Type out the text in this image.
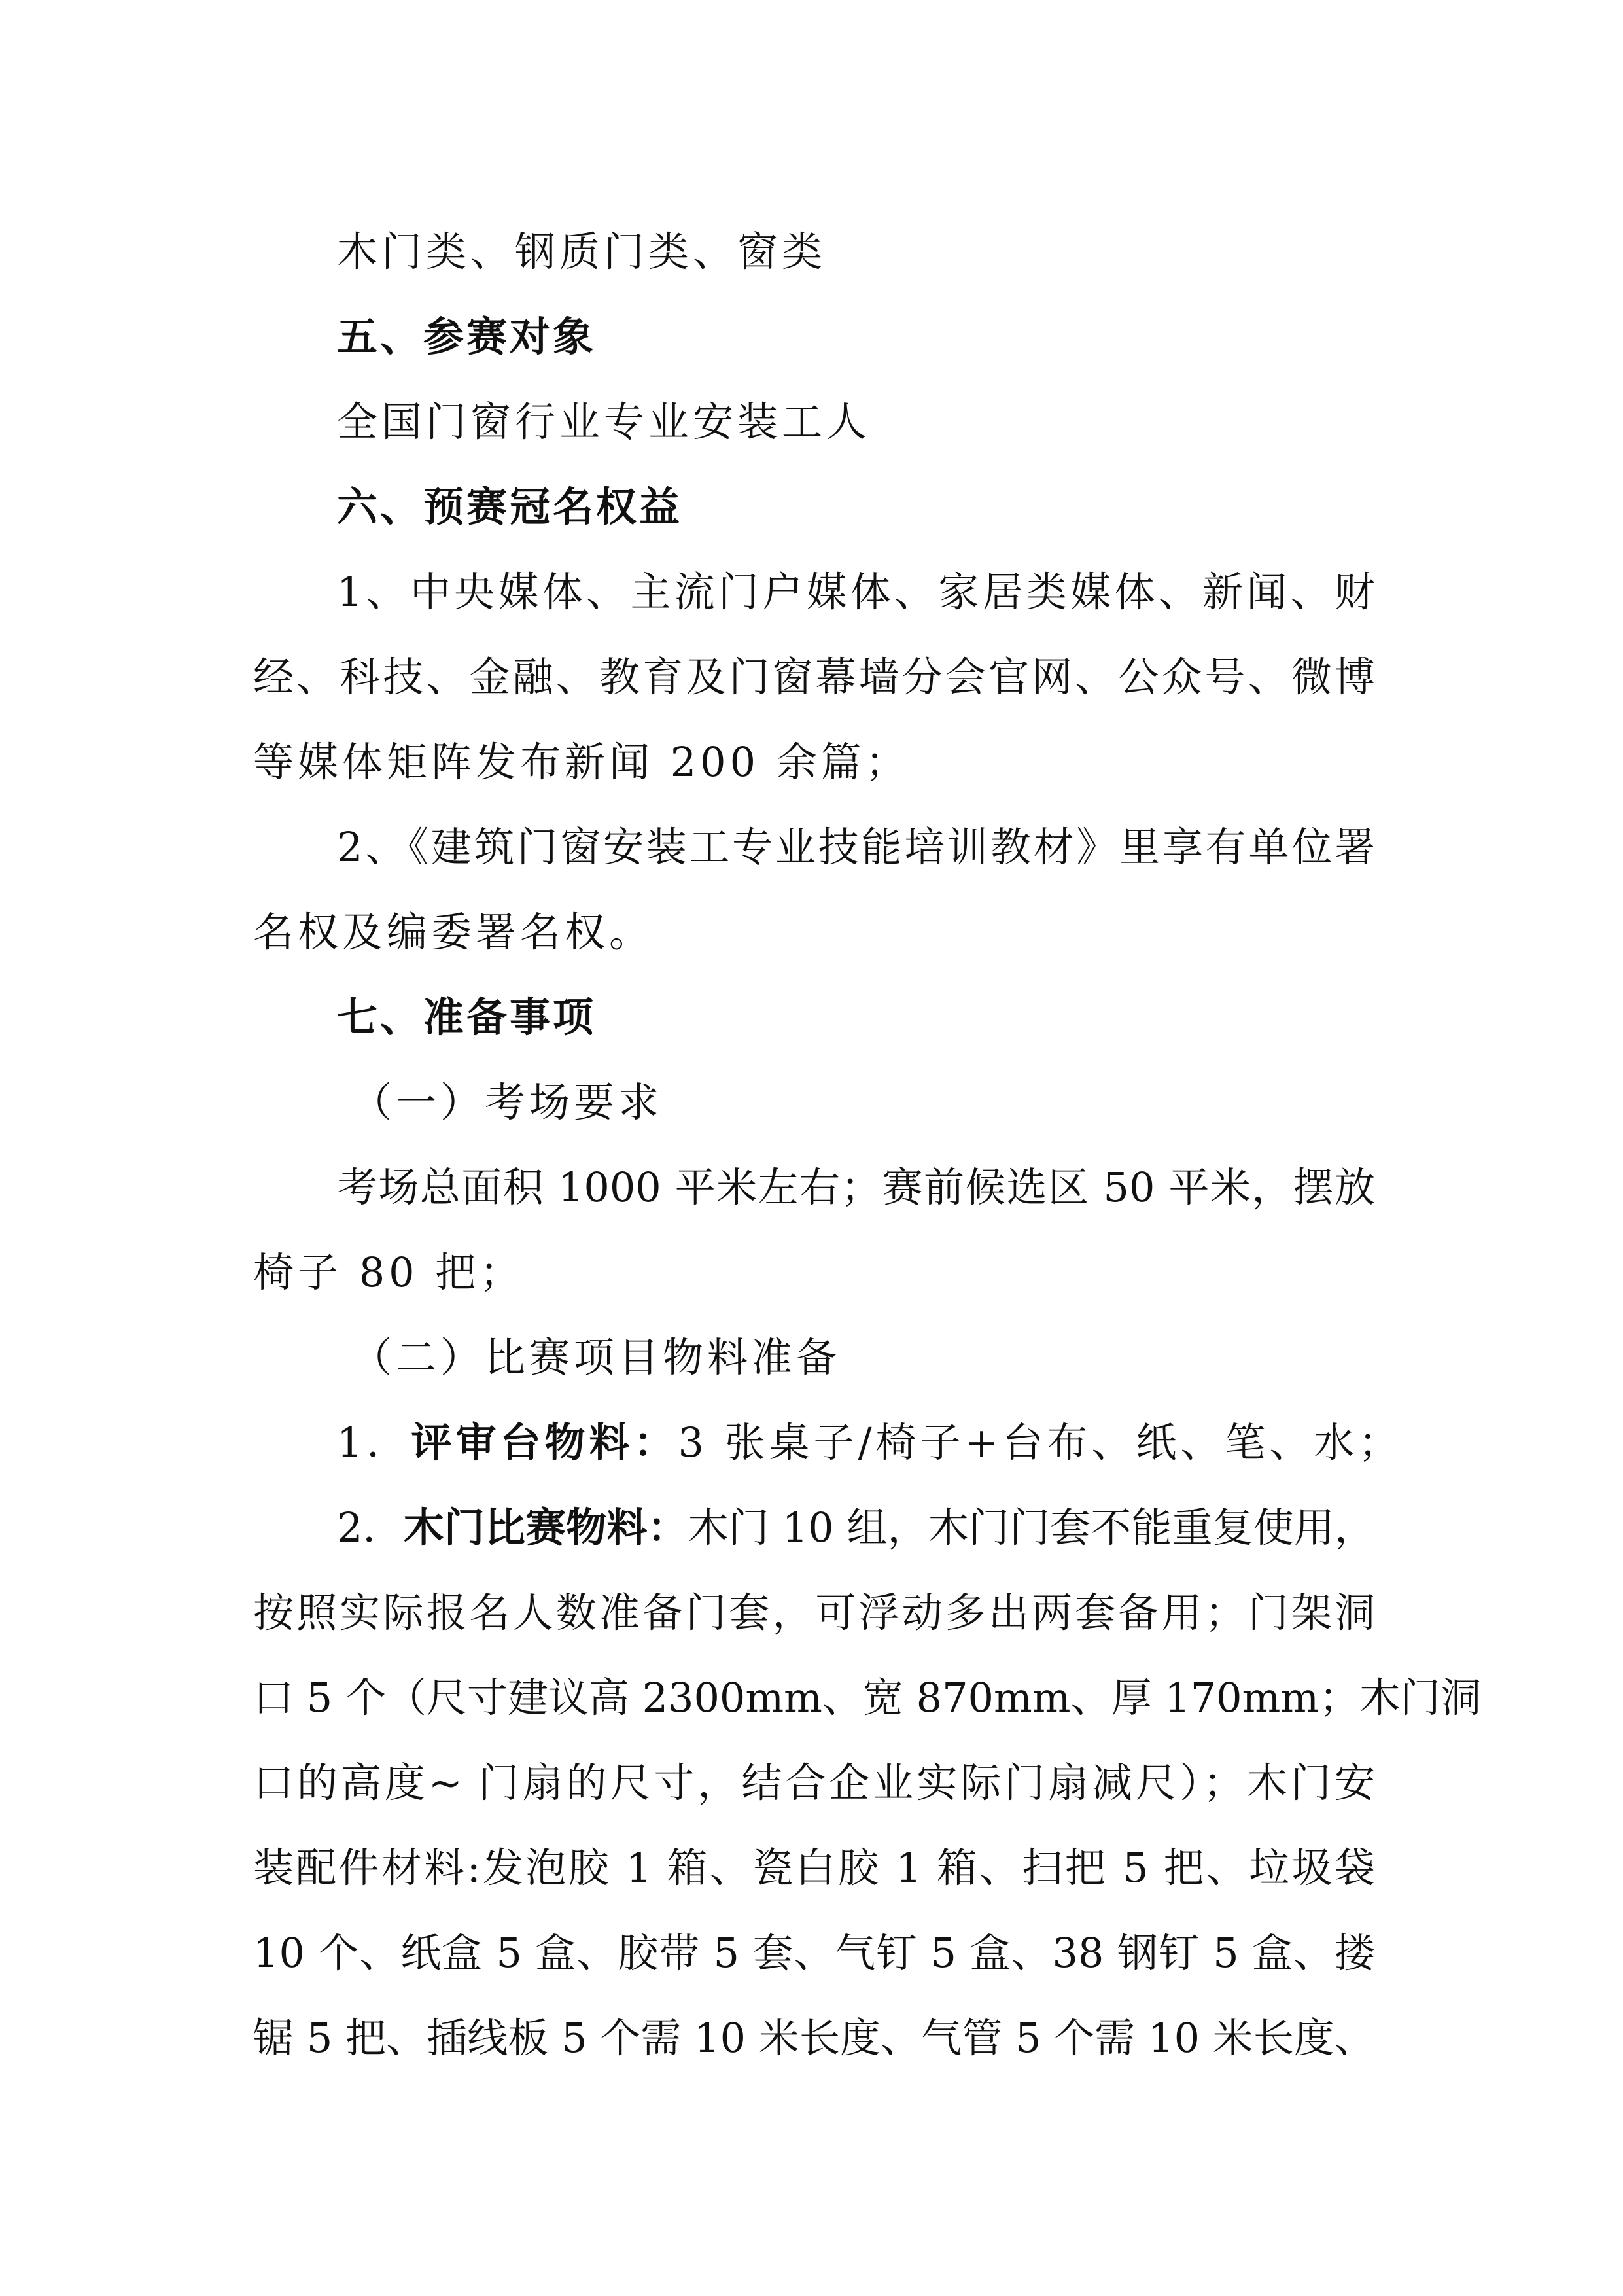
木门类、钢质门类、窗类
五、参赛对象
全国门窗行业专业安装工人
六、预赛冠名权益
1、中央媒体、主流门户媒体、家居类媒体、新闻、财
经、科技、金融、教育及门窗幕墙分会官网、公众号、微博
等媒体矩阵发布新闻 200 余篇；
2、《建筑门窗安装工专业技能培训教材》里享有单位署
名权及编委署名权。
七、准备事项
（一）考场要求
考场总面积 1000 平米左右；赛前候选区 50 平米，摆放
椅子 80 把；
（二）比赛项目物料准备
1．评审台物料：3 张桌子/椅子+台布、纸、笔、水；
2．木门比赛物料：木门 10 组，木门门套不能重复使用，
按照实际报名人数准备门套，可浮动多出两套备用；门架洞
口 5 个（尺寸建议高 2300mm、宽 870mm、厚 170mm；木门洞
口的高度~ 门扇的尺寸，结合企业实际门扇减尺）；木门安
装配件材料:发泡胶 1 箱、瓷白胶 1 箱、扫把 5 把、垃圾袋
10 个、纸盒 5 盒、胶带 5 套、气钉 5 盒、38 钢钉 5 盒、搂
锯 5 把、插线板 5 个需 10 米长度、气管 5 个需 10 米长度、
